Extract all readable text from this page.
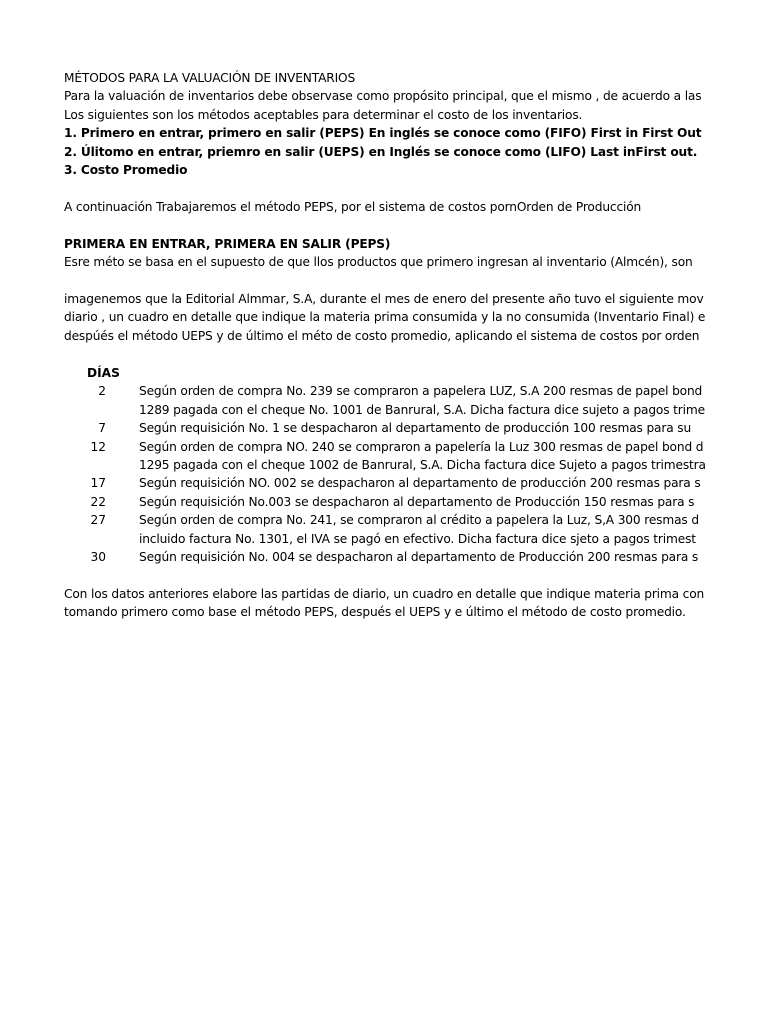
MÉTODOS PARA LA VALUACIÓN DE INVENTARIOS
Para la valuación de inventarios debe observase como propósito principal, que el mismo , de acuerdo a las
Los siguientes son los métodos aceptables para determinar el costo de los inventarios.
1. Primero en entrar, primero en salir (PEPS) En inglés se conoce como (FIFO) First in First Out
2. Úlitomo en entrar, priemro en salir (UEPS) en Inglés se conoce como (LIFO) Last inFirst out.
3. Costo Promedio
A continuación Trabajaremos el método PEPS, por el sistema de costos pornOrden de Producción
PRIMERA EN ENTRAR, PRIMERA EN SALIR (PEPS)
Esre méto se basa en el supuesto de que llos productos que primero ingresan al inventario (Almcén), son
imagenemos que la Editorial Almmar, S.A, durante el mes de enero del presente año tuvo el siguiente mov
diario , un cuadro en detalle que indique la materia prima consumida y la no consumida (Inventario Final) e
despúés el método UEPS y de último el méto de costo promedio, aplicando el sistema de costos por orden
DÍAS
2	Según orden de compra No. 239 se compraron a papelera LUZ, S.A 200 resmas de papel bond
1289 pagada con el cheque No. 1001 de Banrural, S.A. Dicha factura dice sujeto a pagos trime
7	Según requisición No. 1 se despacharon al departamento de producción 100 resmas para su
12	Según orden de compra NO. 240 se compraron a papelería la Luz 300 resmas de papel bond d
1295 pagada con el cheque 1002 de Banrural, S.A. Dicha factura dice Sujeto a pagos trimestra
17	Según requisición NO. 002 se despacharon al departamento de producción 200 resmas para s
22	Según requisición No.003 se despacharon al departamento de Producción 150 resmas para s
27	Según orden de compra No. 241, se compraron al crédito a papelera la Luz, S,A 300 resmas d
incluido factura No. 1301, el IVA se pagó en efectivo. Dicha factura dice sjeto a pagos trimest
30	Según requisición No. 004 se despacharon al departamento de Producción 200 resmas para s
Con los datos anteriores elabore las partidas de diario, un cuadro en detalle que indique materia prima con
tomando primero como base el método PEPS, después el UEPS y e último el método de costo promedio.
